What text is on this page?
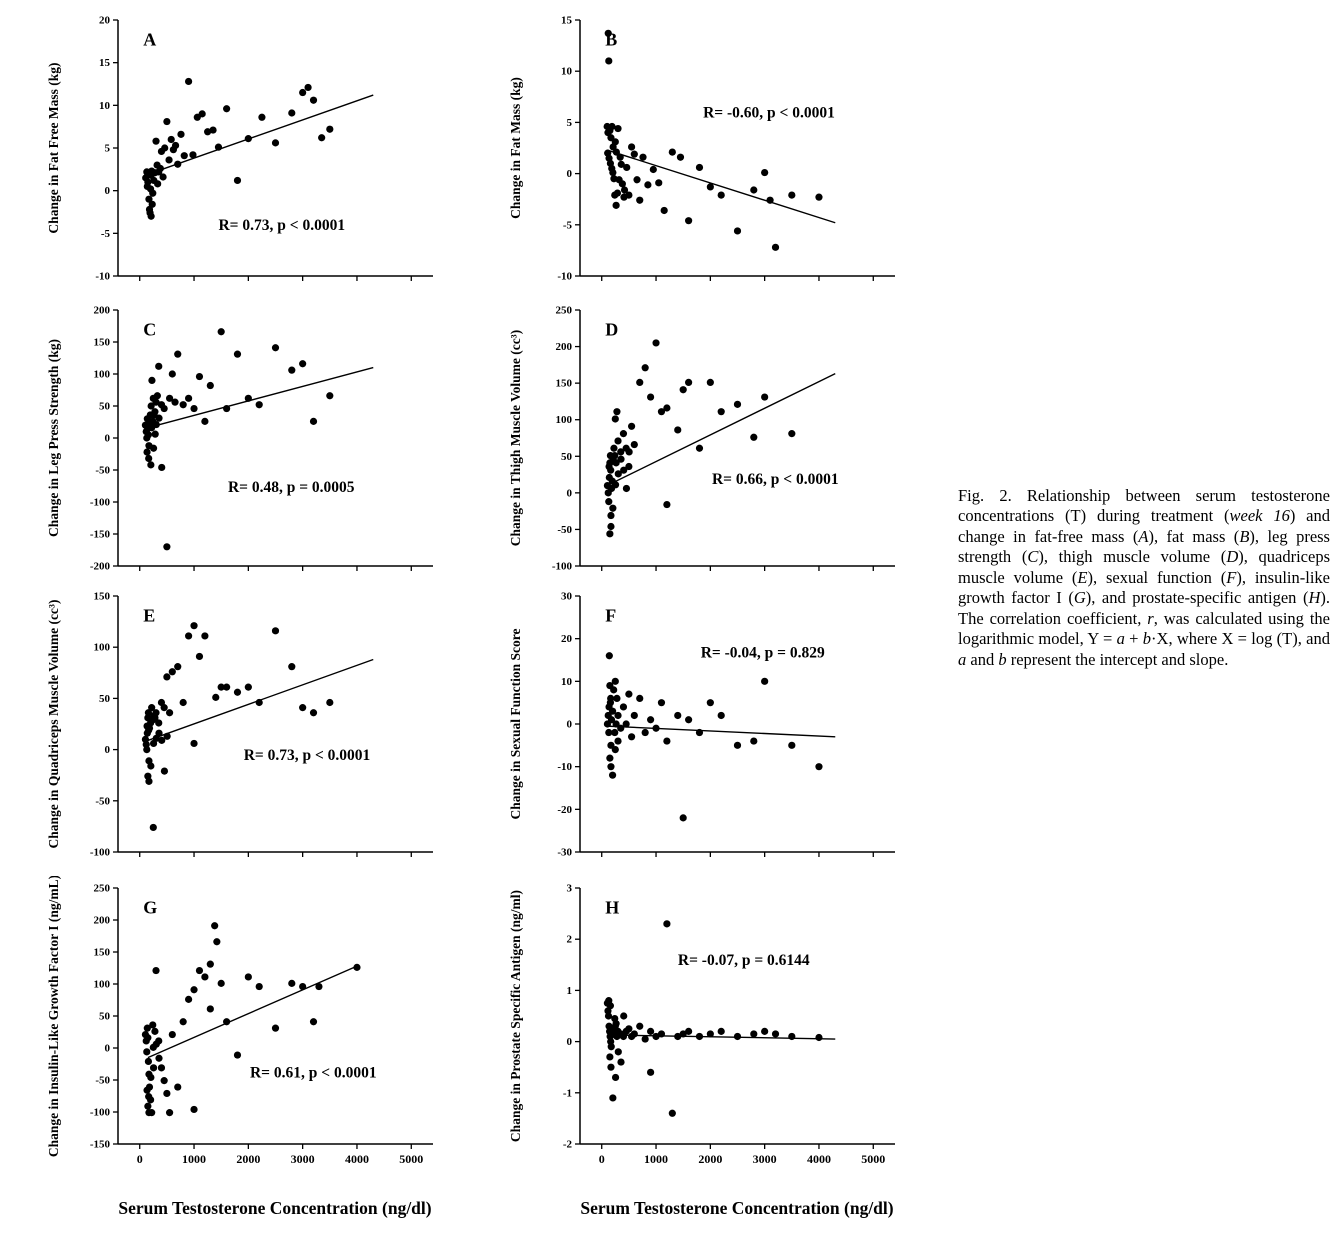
20
15
10
5
0
-5
-10
Change in Fat Free Mass (kg)	R= 0.73, p < 0.0001
A
15
10
5
0
-5
-10
Change in Fat Mass (kg)	R= -0.60, p < 0.0001
B
200
150
100
50
0
-50
-100
-150
-200
Change in Leg Press Strength (kg)	R= 0.48, p = 0.0005
C
250
200
150
100
50
0
-50
-100
Change in Thigh Muscle Volume (cc³)	R= 0.66, p < 0.0001
D
150
100
50
0
-50
-100
Change in Quadriceps Muscle Volume (cc³)	R= 0.73, p < 0.0001
E
30
20
10
0
-10
-20
-30
Change in Sexual Function Score	R= -0.04, p = 0.829
F
250
200
150
100
50
0
-50
-100
-150
0	1000	2000	3000	4000	5000
Change in Insulin-Like Growth Factor I (ng/mL)	R= 0.61, p < 0.0001
G
3
2
1
0
-1
-2
0	1000	2000	3000	4000	5000
Change in Prostate Specific Antigen (ng/ml)	R= -0.07, p = 0.6144
H
Serum Testosterone Concentration (ng/dl)	Serum Testosterone Concentration (ng/dl)

Fig. 2. Relationship between serum testosterone concentrations (T) during treatment (week 16) and change in fat-free mass (A), fat mass (B), leg press strength (C), thigh muscle volume (D), quadriceps muscle volume (E), sexual function (F), insulin-like growth factor I (G), and prostate-specific antigen (H). The correlation coefficient, r, was calculated using the logarithmic model, Y = a + b·X, where X = log (T), and a and b represent the intercept and slope.
